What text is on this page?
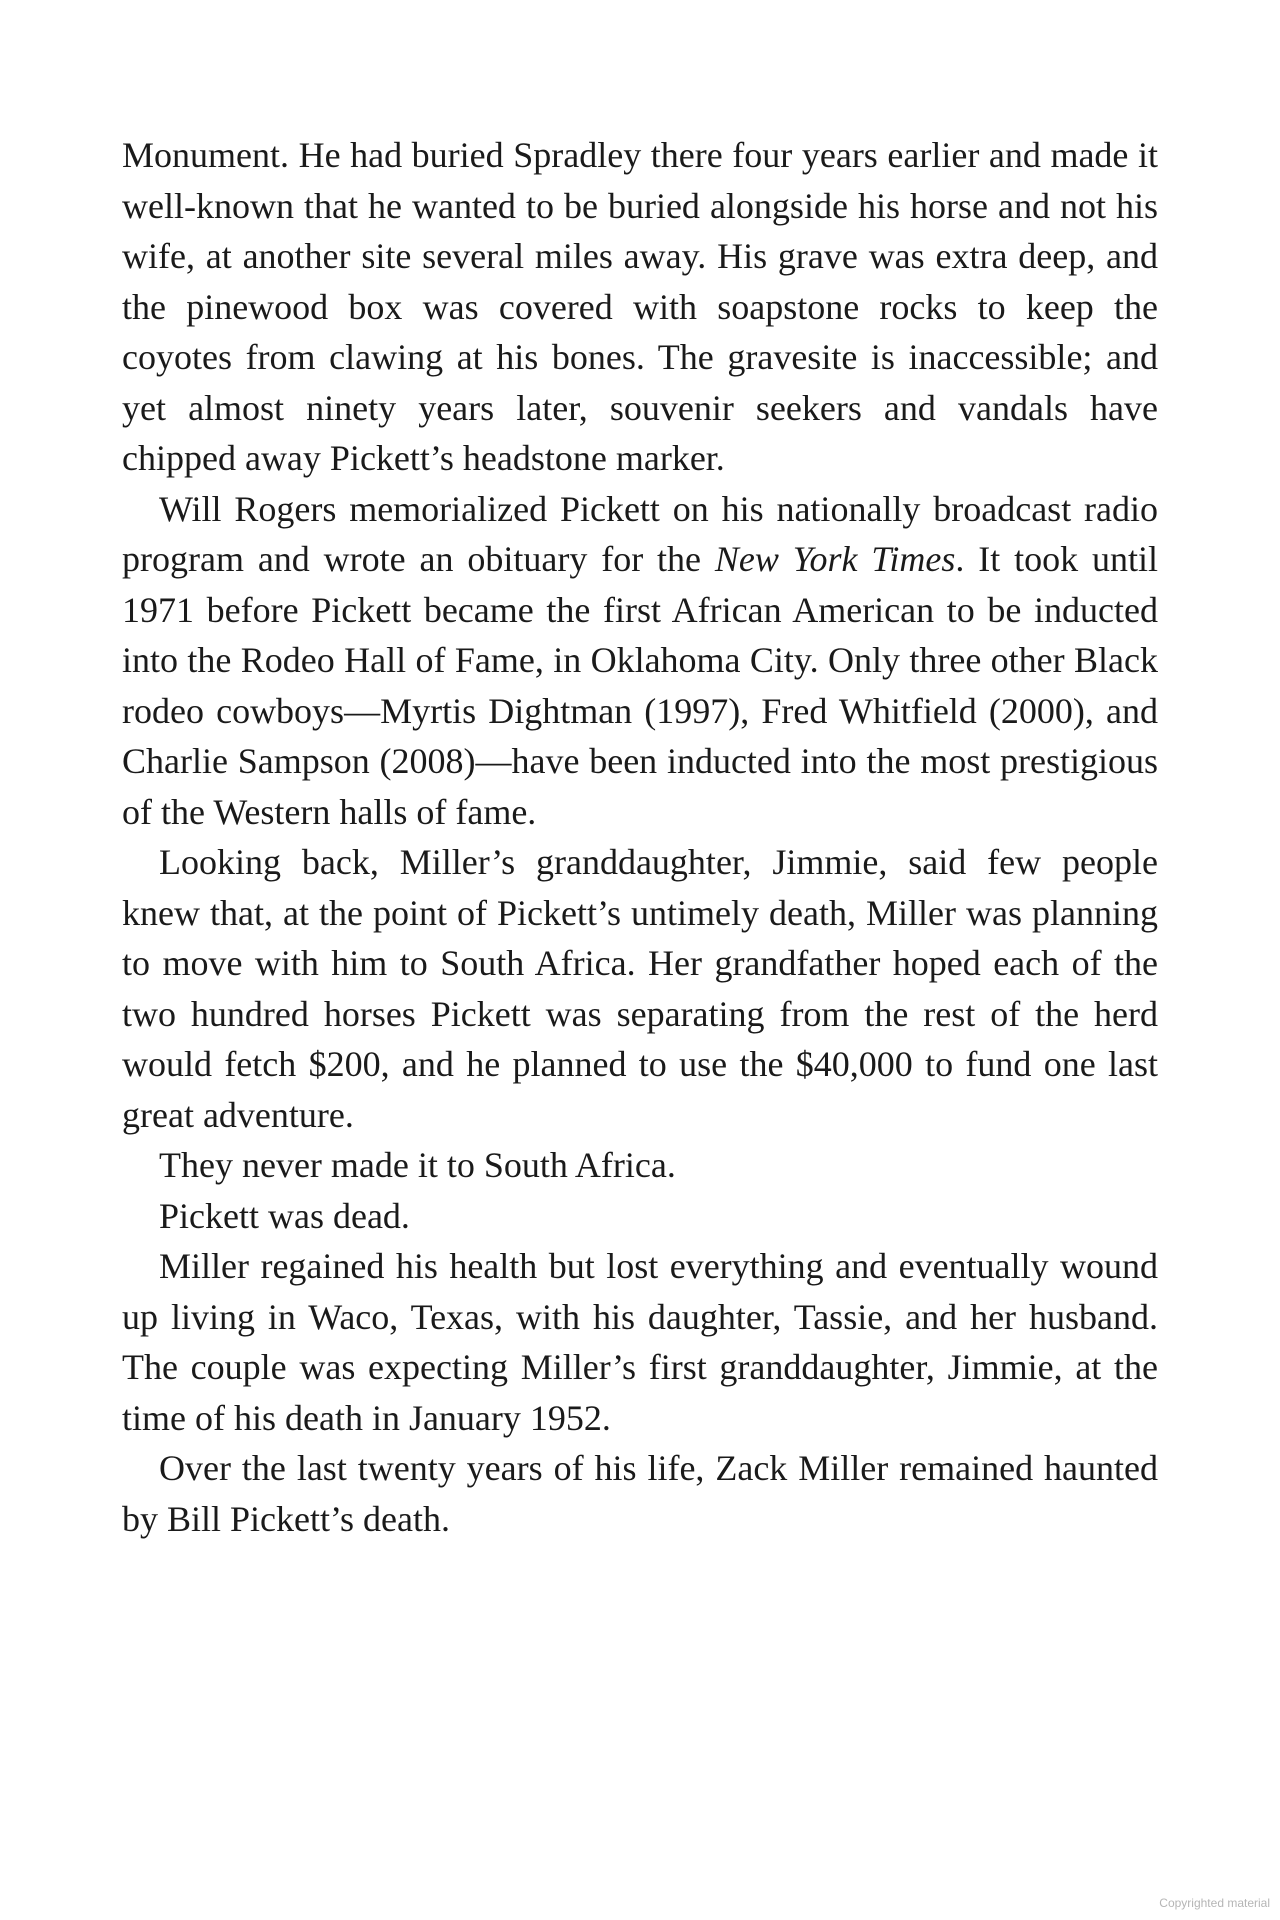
Monument. He had buried Spradley there four years earlier and made it well-known that he wanted to be buried alongside his horse and not his wife, at another site several miles away. His grave was extra deep, and the pinewood box was covered with soapstone rocks to keep the coyotes from clawing at his bones. The gravesite is inaccessible; and yet almost ninety years later, souvenir seekers and vandals have chipped away Pickett’s headstone marker.

Will Rogers memorialized Pickett on his nationally broadcast radio program and wrote an obituary for the New York Times. It took until 1971 before Pickett became the first African American to be inducted into the Rodeo Hall of Fame, in Oklahoma City. Only three other Black rodeo cowboys—Myrtis Dightman (1997), Fred Whitfield (2000), and Charlie Sampson (2008)—have been inducted into the most prestigious of the Western halls of fame.

Looking back, Miller’s granddaughter, Jimmie, said few people knew that, at the point of Pickett’s untimely death, Miller was planning to move with him to South Africa. Her grandfather hoped each of the two hundred horses Pickett was separating from the rest of the herd would fetch $200, and he planned to use the $40,000 to fund one last great adventure.

They never made it to South Africa.

Pickett was dead.

Miller regained his health but lost everything and eventually wound up living in Waco, Texas, with his daughter, Tassie, and her husband. The couple was expecting Miller’s first granddaughter, Jimmie, at the time of his death in January 1952.

Over the last twenty years of his life, Zack Miller remained haunted by Bill Pickett’s death.

Copyrighted material
